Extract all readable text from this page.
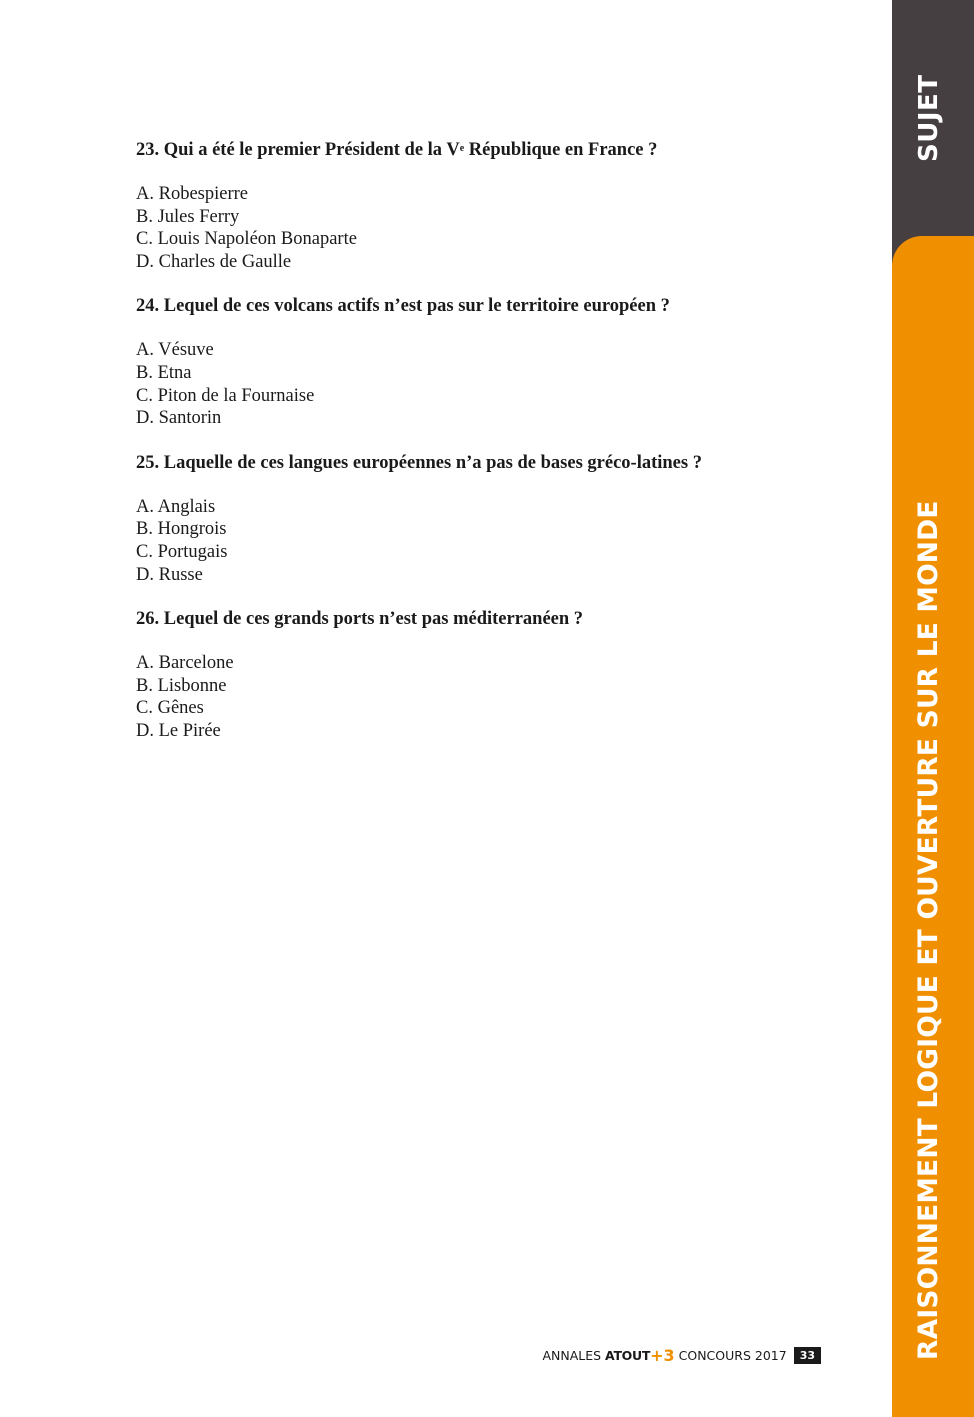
SUJET
RAISONNEMENT LOGIQUE ET OUVERTURE SUR LE MONDE

23. Qui a été le premier Président de la Ve République en France ?

A. Robespierre
B. Jules Ferry
C. Louis Napoléon Bonaparte
D. Charles de Gaulle

24. Lequel de ces volcans actifs n’est pas sur le territoire européen ?

A. Vésuve
B. Etna
C. Piton de la Fournaise
D. Santorin

25. Laquelle de ces langues européennes n’a pas de bases gréco-latines ?

A. Anglais
B. Hongrois
C. Portugais
D. Russe

26. Lequel de ces grands ports n’est pas méditerranéen ?

A. Barcelone
B. Lisbonne
C. Gênes
D. Le Pirée
ANNALES ATOUT +3 CONCOURS 2017	33
